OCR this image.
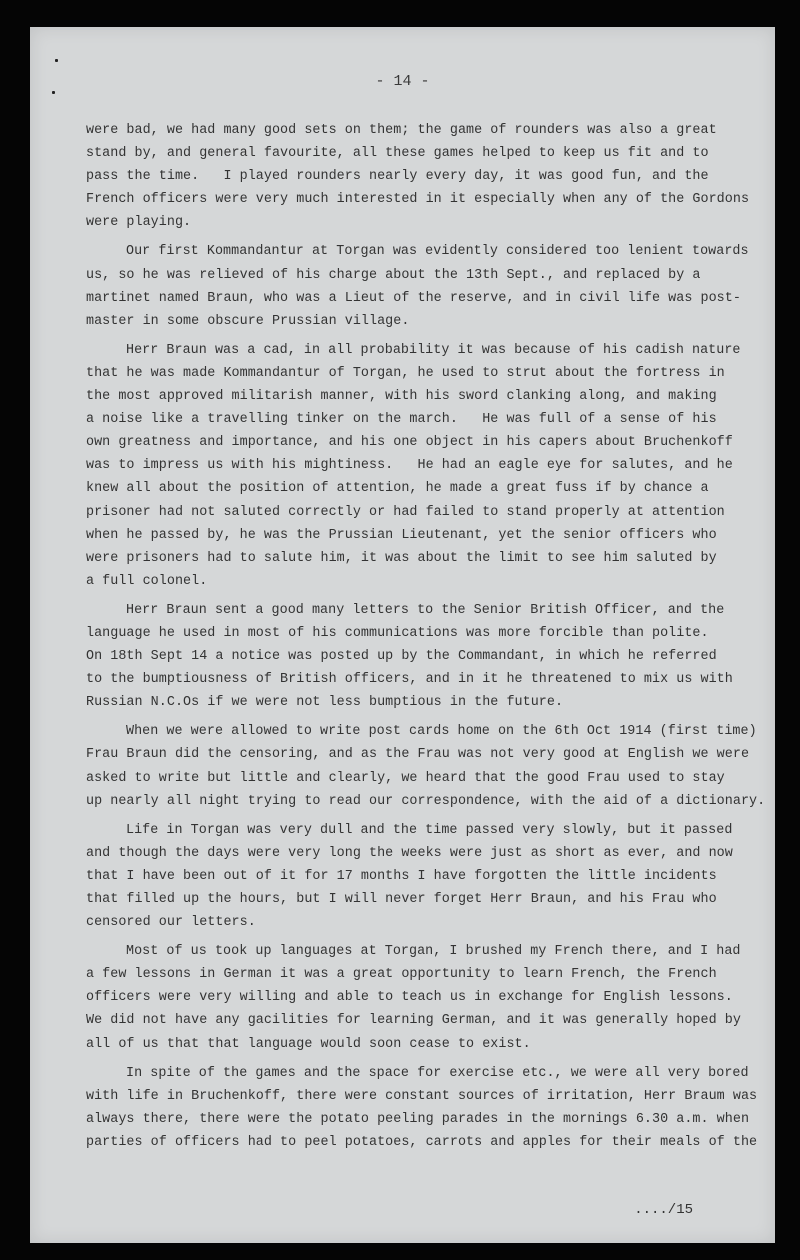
- 14 -
were bad, we had many good sets on them; the game of rounders was also a great
stand by, and general favourite, all these games helped to keep us fit and to
pass the time.   I played rounders nearly every day, it was good fun, and the
French officers were very much interested in it especially when any of the Gordons
were playing.
Our first Kommandantur at Torgan was evidently considered too lenient towards
us, so he was relieved of his charge about the 13th Sept., and replaced by a
martinet named Braun, who was a Lieut of the reserve, and in civil life was post-
master in some obscure Prussian village.
Herr Braun was a cad, in all probability it was because of his cadish nature
that he was made Kommandantur of Torgan, he used to strut about the fortress in
the most approved militarish manner, with his sword clanking along, and making
a noise like a travelling tinker on the march.   He was full of a sense of his
own greatness and importance, and his one object in his capers about Bruchenkoff
was to impress us with his mightiness.   He had an eagle eye for salutes, and he
knew all about the position of attention, he made a great fuss if by chance a
prisoner had not saluted correctly or had failed to stand properly at attention
when he passed by, he was the Prussian Lieutenant, yet the senior officers who
were prisoners had to salute him, it was about the limit to see him saluted by
a full colonel.
Herr Braun sent a good many letters to the Senior British Officer, and the
language he used in most of his communications was more forcible than polite.
On 18th Sept 14 a notice was posted up by the Commandant, in which he referred
to the bumptiousness of British officers, and in it he threatened to mix us with
Russian N.C.Os if we were not less bumptious in the future.
When we were allowed to write post cards home on the 6th Oct 1914 (first time)
Frau Braun did the censoring, and as the Frau was not very good at English we were
asked to write but little and clearly, we heard that the good Frau used to stay
up nearly all night trying to read our correspondence, with the aid of a dictionary.
Life in Torgan was very dull and the time passed very slowly, but it passed
and though the days were very long the weeks were just as short as ever, and now
that I have been out of it for 17 months I have forgotten the little incidents
that filled up the hours, but I will never forget Herr Braun, and his Frau who
censored our letters.
Most of us took up languages at Torgan, I brushed my French there, and I had
a few lessons in German it was a great opportunity to learn French, the French
officers were very willing and able to teach us in exchange for English lessons.
We did not have any gacilities for learning German, and it was generally hoped by
all of us that that language would soon cease to exist.
In spite of the games and the space for exercise etc., we were all very bored
with life in Bruchenkoff, there were constant sources of irritation, Herr Braum was
always there, there were the potato peeling parades in the mornings 6.30 a.m. when
parties of officers had to peel potatoes, carrots and apples for their meals of the
..../15
